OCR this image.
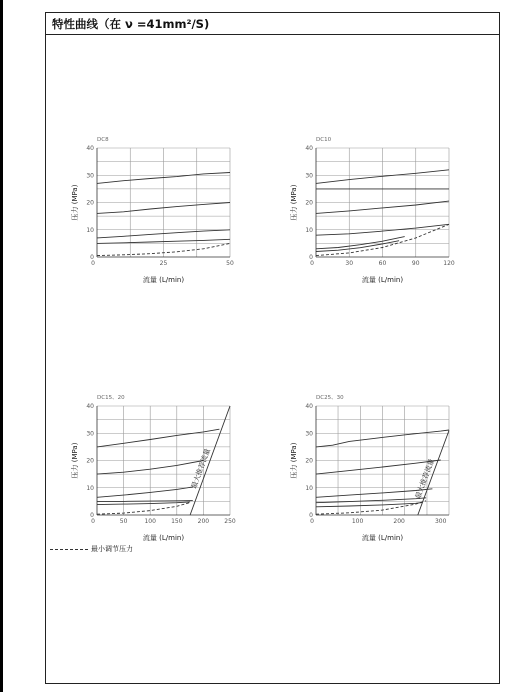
特性曲线（在 ν =41mm²/S)
DC8
0
10
20
30
40
0	25	50
流量 (L/min)
压力 (MPa)
DC10
0
10
20
30
40
0	30	60	90	120
流量 (L/min)
压力 (MPa)
DC15、20
0
10
20
30
40
0	50	100	150	200	250
流量 (L/min)
压力 (MPa)	最大推荐流量
DC25、30
0
10
20
30
40
0	100	200	300
流量 (L/min)
压力 (MPa)	最大推荐流量
最小调节压力
